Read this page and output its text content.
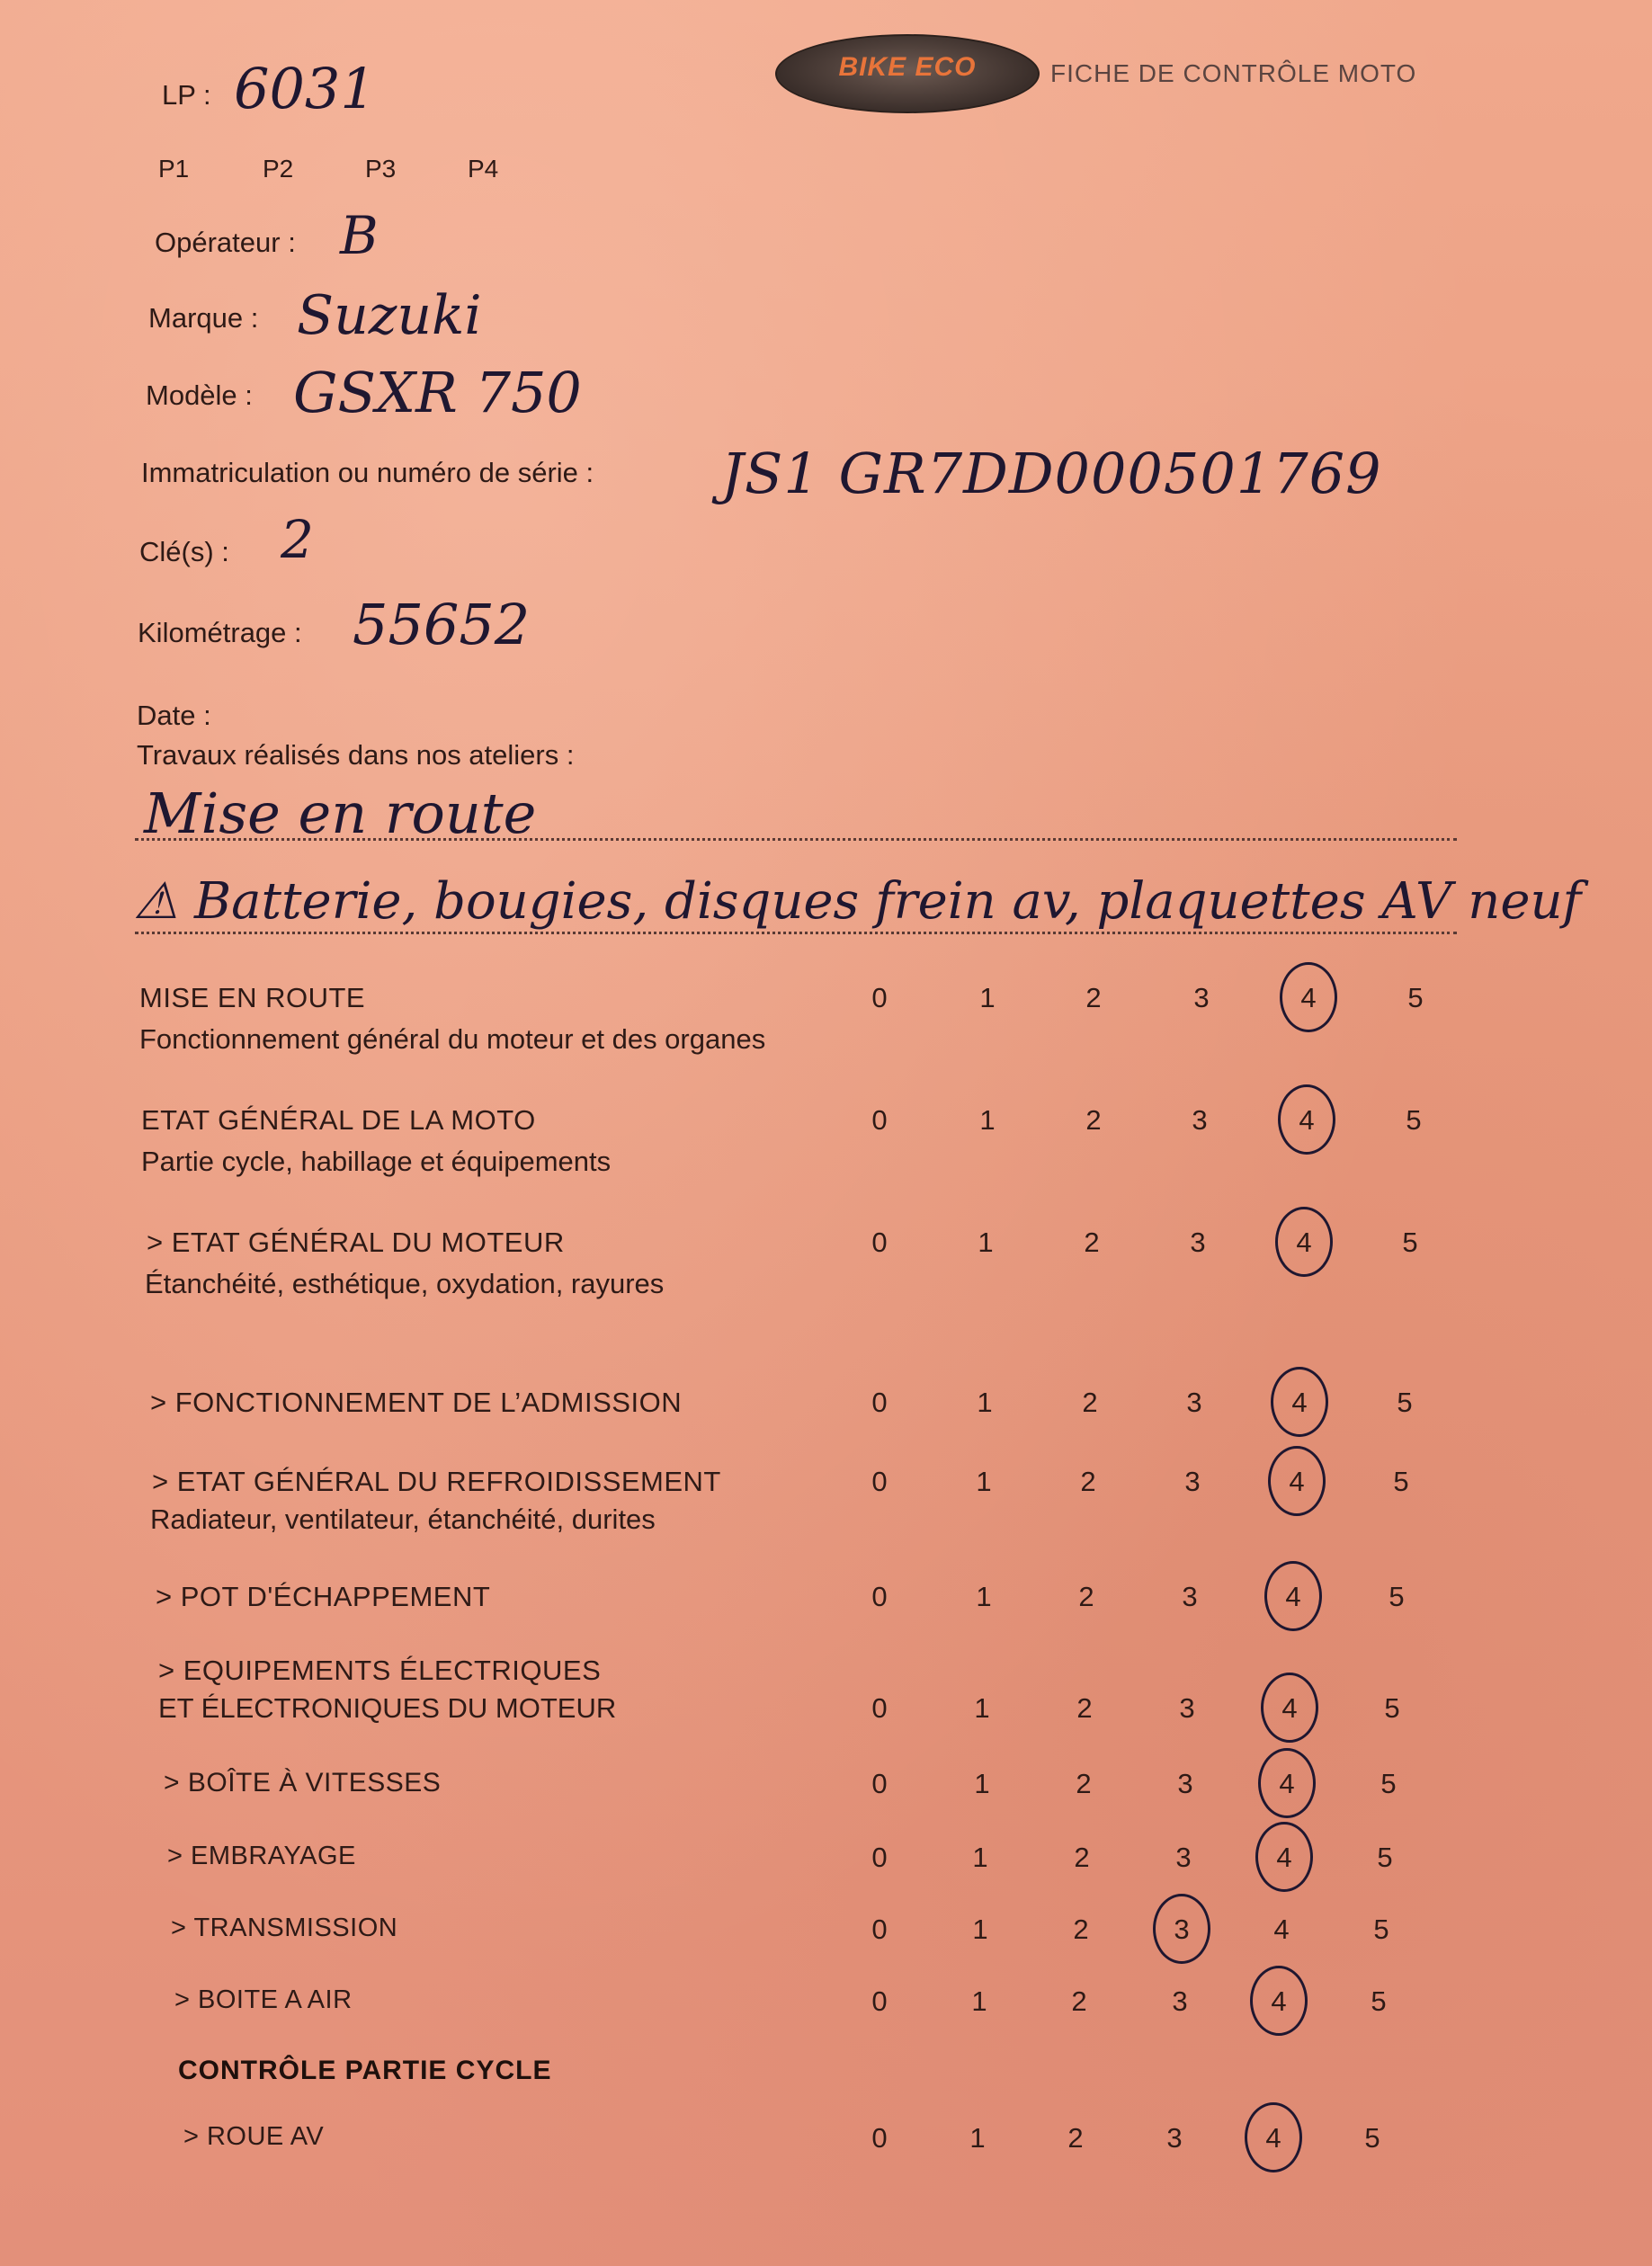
BIKE ECO	FICHE DE CONTRÔLE MOTO
LP : 6031
P1	P2	P3	P4
Opérateur : B
Marque : Suzuki
Modèle : GSXR 750
Immatriculation ou numéro de série : JS1 GR7DD000501769
Clé(s) : 2
Kilométrage : 55652
Date :
Travaux réalisés dans nos ateliers :
Mise en route
⚠ Batterie, bougies, disques frein av, plaquettes AV neuf
MISE EN ROUTE
Fonctionnement général du moteur et des organes
0	1	2	3	4	5
ETAT GÉNÉRAL DE LA MOTO
Partie cycle, habillage et équipements
0	1	2	3	4	5
> ETAT GÉNÉRAL DU MOTEUR
Étanchéité, esthétique, oxydation, rayures
0	1	2	3	4	5
> FONCTIONNEMENT DE L’ADMISSION	0	1	2	3	4	5
> ETAT GÉNÉRAL DU REFROIDISSEMENT
Radiateur, ventilateur, étanchéité, durites
0	1	2	3	4	5
> POT D'ÉCHAPPEMENT	0	1	2	3	4	5
> EQUIPEMENTS ÉLECTRIQUES
ET ÉLECTRONIQUES DU MOTEUR	0	1	2	3	4	5
> BOÎTE À VITESSES	0	1	2	3	4	5
> EMBRAYAGE	0	1	2	3	4	5
> TRANSMISSION	0	1	2	3	4	5
> BOITE A AIR	0	1	2	3	4	5
> ROUE AV	0	1	2	3	4	5
CONTRÔLE PARTIE CYCLE
